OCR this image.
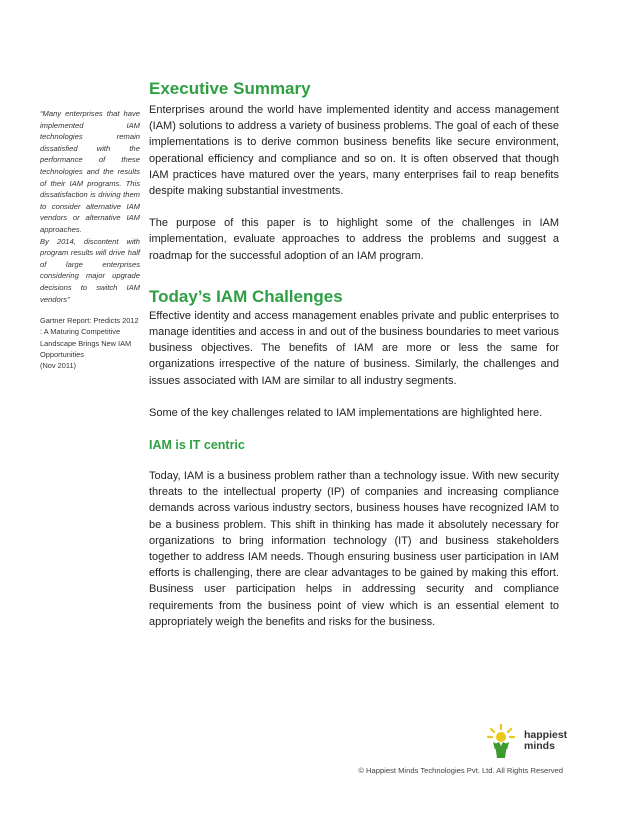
“Many enterprises that have implemented IAM technologies remain dissatisfied with the performance of these technologies and the results of their IAM programs. This dissatisfaction is driving them to consider alternative IAM vendors or alternative IAM approaches.
By 2014, discontent with program results will drive half of large enterprises considering major upgrade decisions to switch IAM vendors”

Gartner Report: Predicts 2012 : A Maturing Competitive Landscape Brings New IAM Opportunities
(Nov 2011)
Executive Summary

Enterprises around the world have implemented identity and access management (IAM) solutions to address a variety of business problems. The goal of each of these implementations is to derive common business benefits like secure environment, operational efficiency and compliance and so on. It is often observed that though IAM practices have matured over the years, many enterprises fail to reap benefits despite making substantial investments.

The purpose of this paper is to highlight some of the challenges in IAM implementation, evaluate approaches to address the problems and suggest a roadmap for the successful adoption of an IAM program.

Today’s IAM Challenges

Effective identity and access management enables private and public enterprises to manage identities and access in and out of the business boundaries to meet various business objectives. The benefits of IAM are more or less the same for organizations irrespective of the nature of business. Similarly, the challenges and issues associated with IAM are similar to all industry segments.

Some of the key challenges related to IAM implementations are highlighted here.

IAM is IT centric

Today, IAM is a business problem rather than a technology issue. With new security threats to the intellectual property (IP) of companies and increasing compliance demands across various industry sectors, business houses have recognized IAM to be a business problem. This shift in thinking has made it absolutely necessary for organizations to bring information technology (IT) and business stakeholders together to address IAM needs. Though ensuring business user participation in IAM efforts is challenging, there are clear advantages to be gained by making this effort. Business user participation helps in addressing security and compliance requirements from the business point of view which is an essential element to appropriately weigh the benefits and risks for the business.

happiest
minds
© Happiest Minds Technologies Pvt. Ltd. All Rights Reserved
